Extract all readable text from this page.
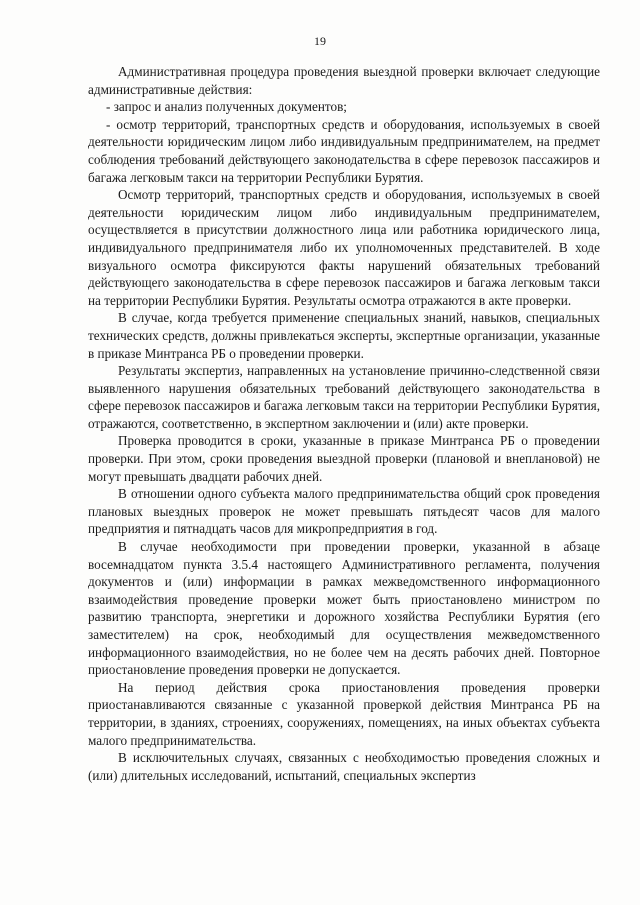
19

Административная процедура проведения выездной проверки включает следующие административные действия:

- запрос и анализ полученных документов;

- осмотр территорий, транспортных средств и оборудования, используемых в своей деятельности юридическим лицом либо индивидуальным предпринимателем, на предмет соблюдения требований действующего законодательства в сфере перевозок пассажиров и багажа легковым такси на территории Республики Бурятия.

Осмотр территорий, транспортных средств и оборудования, используемых в своей деятельности юридическим лицом либо индивидуальным предпринимателем, осуществляется в присутствии должностного лица или работника юридического лица, индивидуального предпринимателя либо их уполномоченных представителей. В ходе визуального осмотра фиксируются факты нарушений обязательных требований действующего законодательства в сфере перевозок пассажиров и багажа легковым такси на территории Республики Бурятия. Результаты осмотра отражаются в акте проверки.

В случае, когда требуется применение специальных знаний, навыков, специальных технических средств, должны привлекаться эксперты, экспертные организации, указанные в приказе Минтранса РБ о проведении проверки.

Результаты экспертиз, направленных на установление причинно-следственной связи выявленного нарушения обязательных требований действующего законодательства в сфере перевозок пассажиров и багажа легковым такси на территории Республики Бурятия, отражаются, соответственно, в экспертном заключении и (или) акте проверки.

Проверка проводится в сроки, указанные в приказе Минтранса РБ о проведении проверки. При этом, сроки проведения выездной проверки (плановой и внеплановой) не могут превышать двадцати рабочих дней.

В отношении одного субъекта малого предпринимательства общий срок проведения плановых выездных проверок не может превышать пятьдесят часов для малого предприятия и пятнадцать часов для микропредприятия в год.

В случае необходимости при проведении проверки, указанной в абзаце восемнадцатом пункта 3.5.4 настоящего Административного регламента, получения документов и (или) информации в рамках межведомственного информационного взаимодействия проведение проверки может быть приостановлено министром по развитию транспорта, энергетики и дорожного хозяйства Республики Бурятия (его заместителем) на срок, необходимый для осуществления межведомственного информационного взаимодействия, но не более чем на десять рабочих дней. Повторное приостановление проведения проверки не допускается.

На период действия срока приостановления проведения проверки приостанавливаются связанные с указанной проверкой действия Минтранса РБ на территории, в зданиях, строениях, сооружениях, помещениях, на иных объектах субъекта малого предпринимательства.

В исключительных случаях, связанных с необходимостью проведения сложных и (или) длительных исследований, испытаний, специальных экспертиз
